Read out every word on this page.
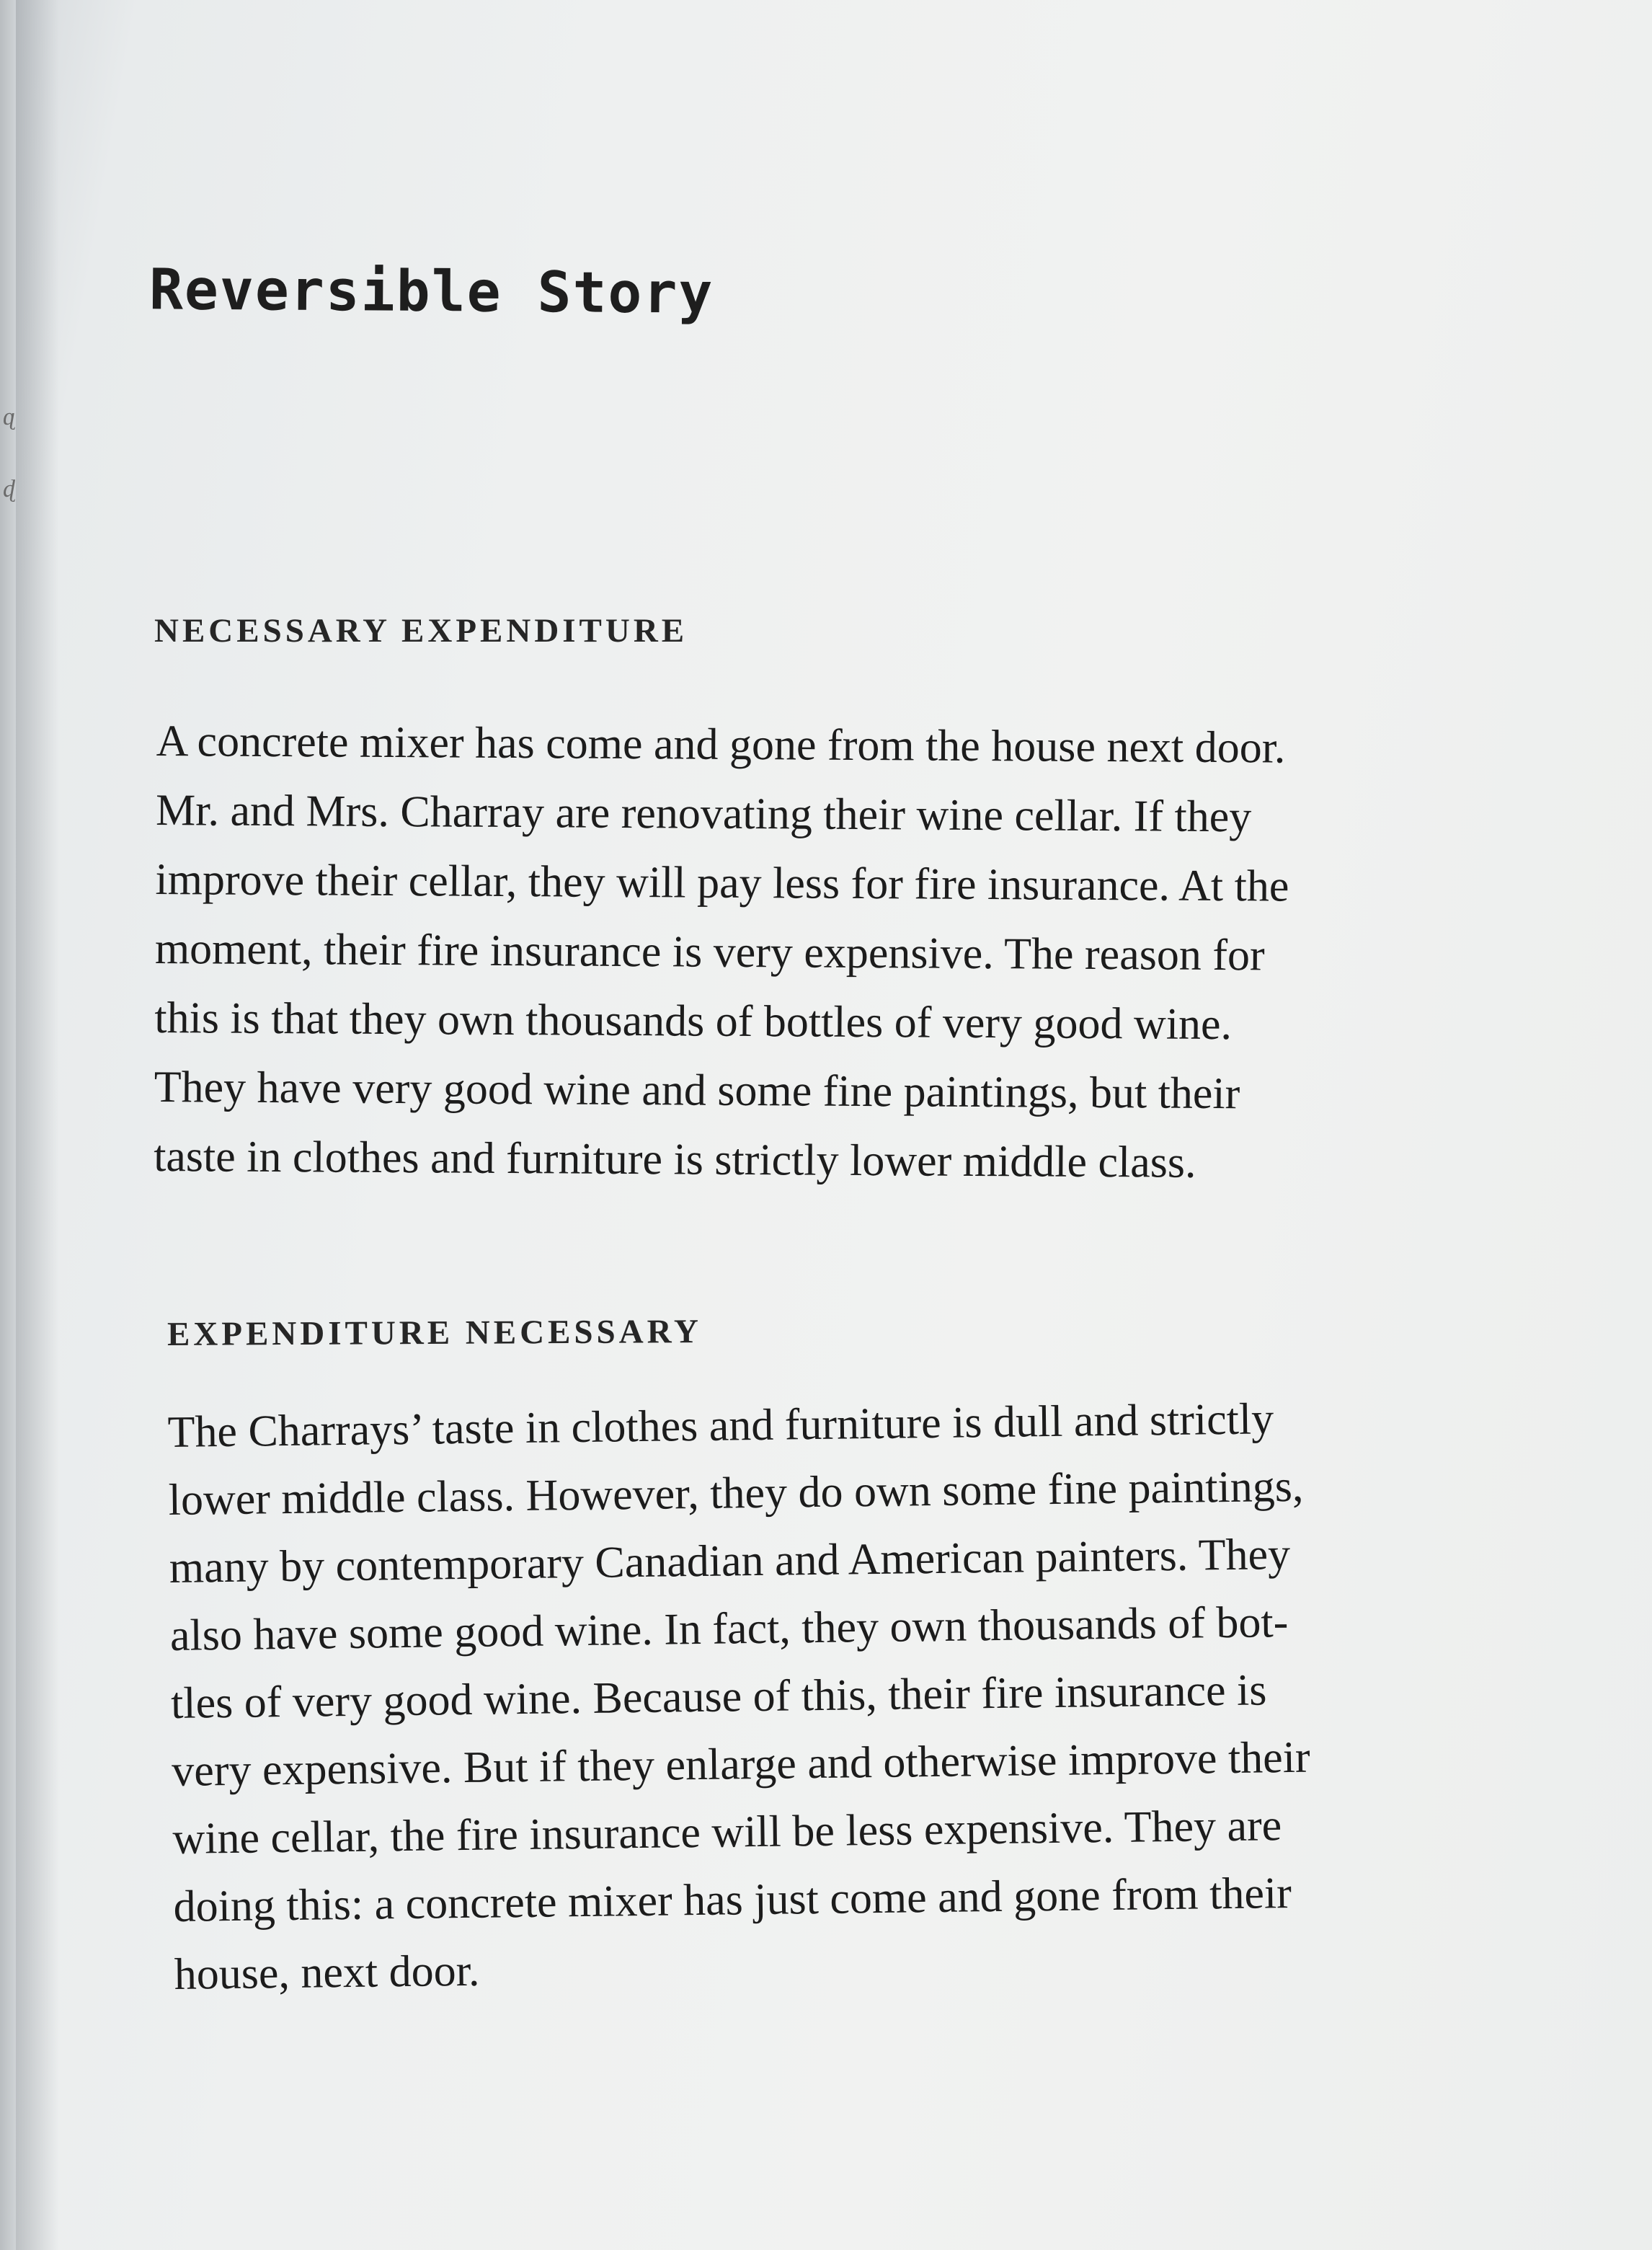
ɋ
ɖ
Reversible Story
NECESSARY EXPENDITURE

A concrete mixer has come and gone from the house next door.
Mr. and Mrs. Charray are renovating their wine cellar. If they
improve their cellar, they will pay less for fire insurance. At the
moment, their fire insurance is very expensive. The reason for
this is that they own thousands of bottles of very good wine.
They have very good wine and some fine paintings, but their
taste in clothes and furniture is strictly lower middle class.

EXPENDITURE NECESSARY

The Charrays’ taste in clothes and furniture is dull and strictly
lower middle class. However, they do own some fine paintings,
many by contemporary Canadian and American painters. They
also have some good wine. In fact, they own thousands of bot-
tles of very good wine. Because of this, their fire insurance is
very expensive. But if they enlarge and otherwise improve their
wine cellar, the fire insurance will be less expensive. They are
doing this: a concrete mixer has just come and gone from their
house, next door.
